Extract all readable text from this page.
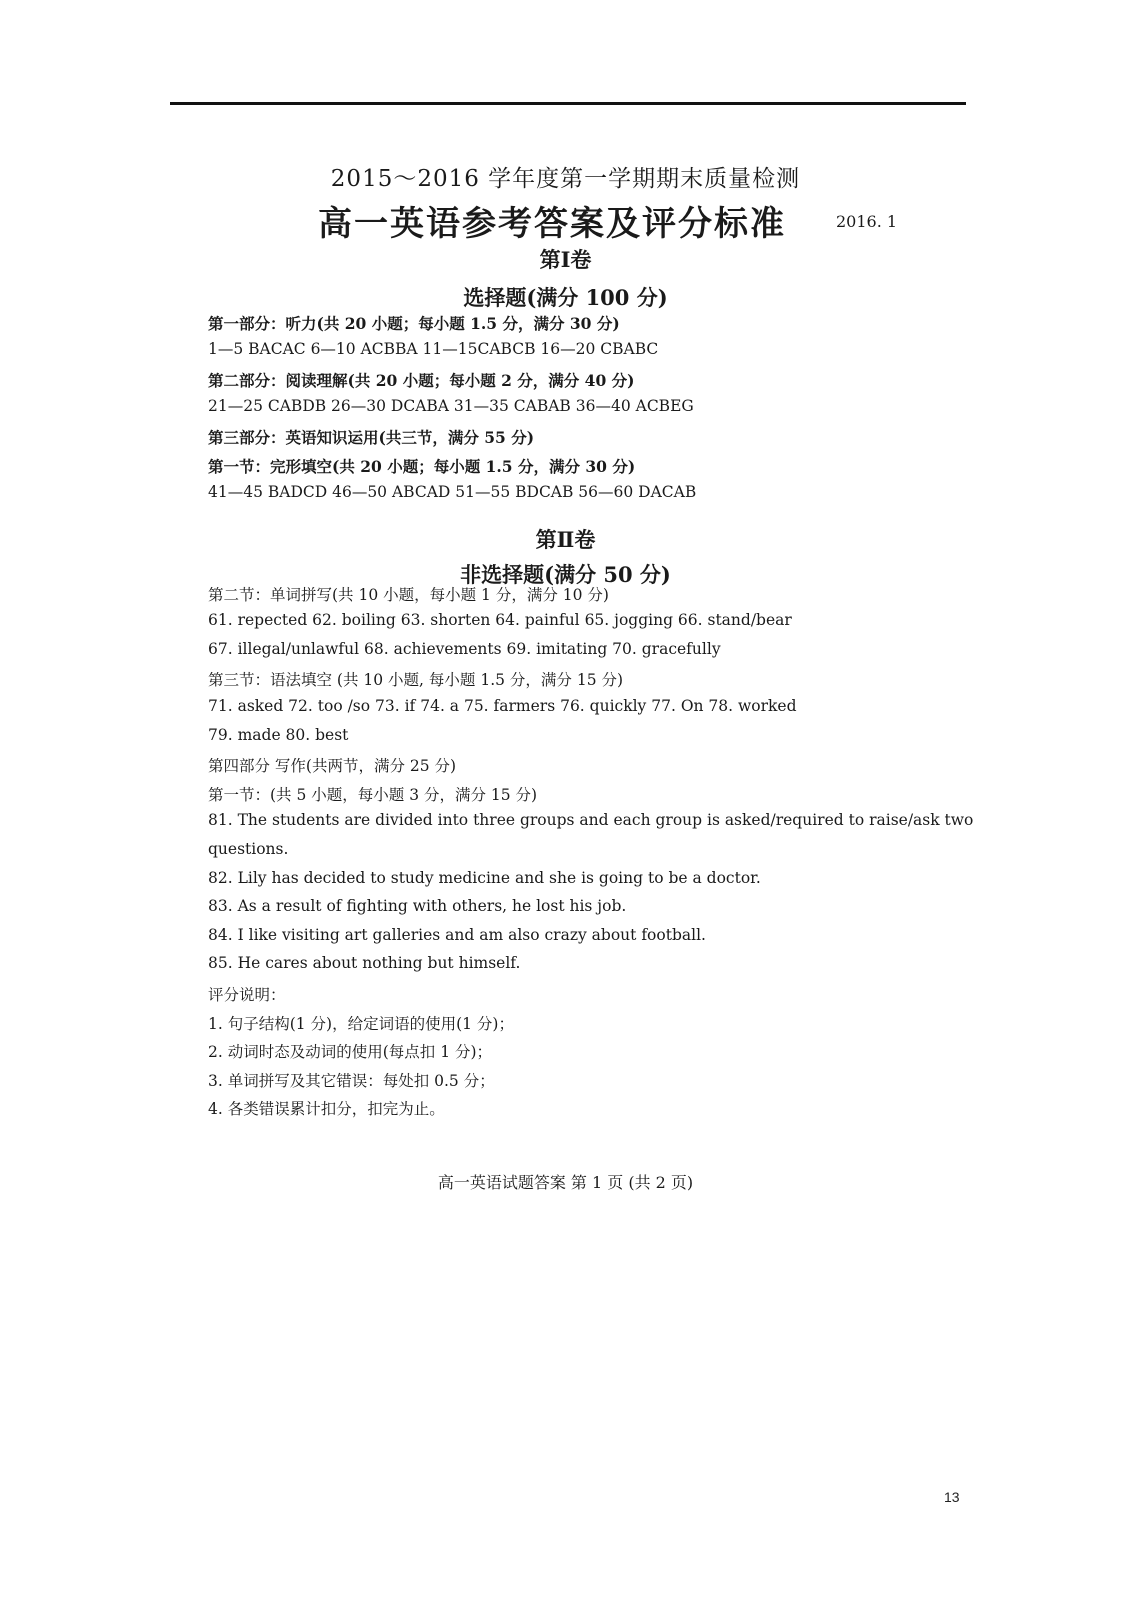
2015～2016 学年度第一学期期末质量检测
高一英语参考答案及评分标准	2016. 1
第Ⅰ卷
选择题(满分 100 分)
第一部分：听力(共 20 小题；每小题 1.5 分，满分 30 分)
1—5 BACAC 6—10 ACBBA 11—15CABCB 16—20 CBABC
第二部分：阅读理解(共 20 小题；每小题 2 分，满分 40 分)
21—25 CABDB 26—30 DCABA 31—35 CABAB 36—40 ACBEG
第三部分：英语知识运用(共三节，满分 55 分)
第一节：完形填空(共 20 小题；每小题 1.5 分，满分 30 分)
41—45 BADCD 46—50 ABCAD 51—55 BDCAB 56—60 DACAB
第Ⅱ卷
非选择题(满分 50 分)
第二节：单词拼写(共 10 小题，每小题 1 分，满分 10 分)
61. repected 62. boiling 63. shorten 64. painful 65. jogging 66. stand/bear
67. illegal/unlawful 68. achievements 69. imitating 70. gracefully
第三节：语法填空 (共 10 小题, 每小题 1.5 分，满分 15 分)
71. asked 72. too /so 73. if 74. a 75. farmers 76. quickly 77. On 78. worked
79. made 80. best
第四部分 写作(共两节，满分 25 分)
第一节：(共 5 小题，每小题 3 分，满分 15 分)
81. The students are divided into three groups and each group is asked/required to raise/ask two
questions.
82. Lily has decided to study medicine and she is going to be a doctor.
83. As a result of fighting with others, he lost his job.
84. I like visiting art galleries and am also crazy about football.
85. He cares about nothing but himself.
评分说明：
1. 句子结构(1 分)，给定词语的使用(1 分)；
2. 动词时态及动词的使用(每点扣 1 分)；
3. 单词拼写及其它错误：每处扣 0.5 分；
4. 各类错误累计扣分，扣完为止。
高一英语试题答案 第 1 页 (共 2 页)
13
